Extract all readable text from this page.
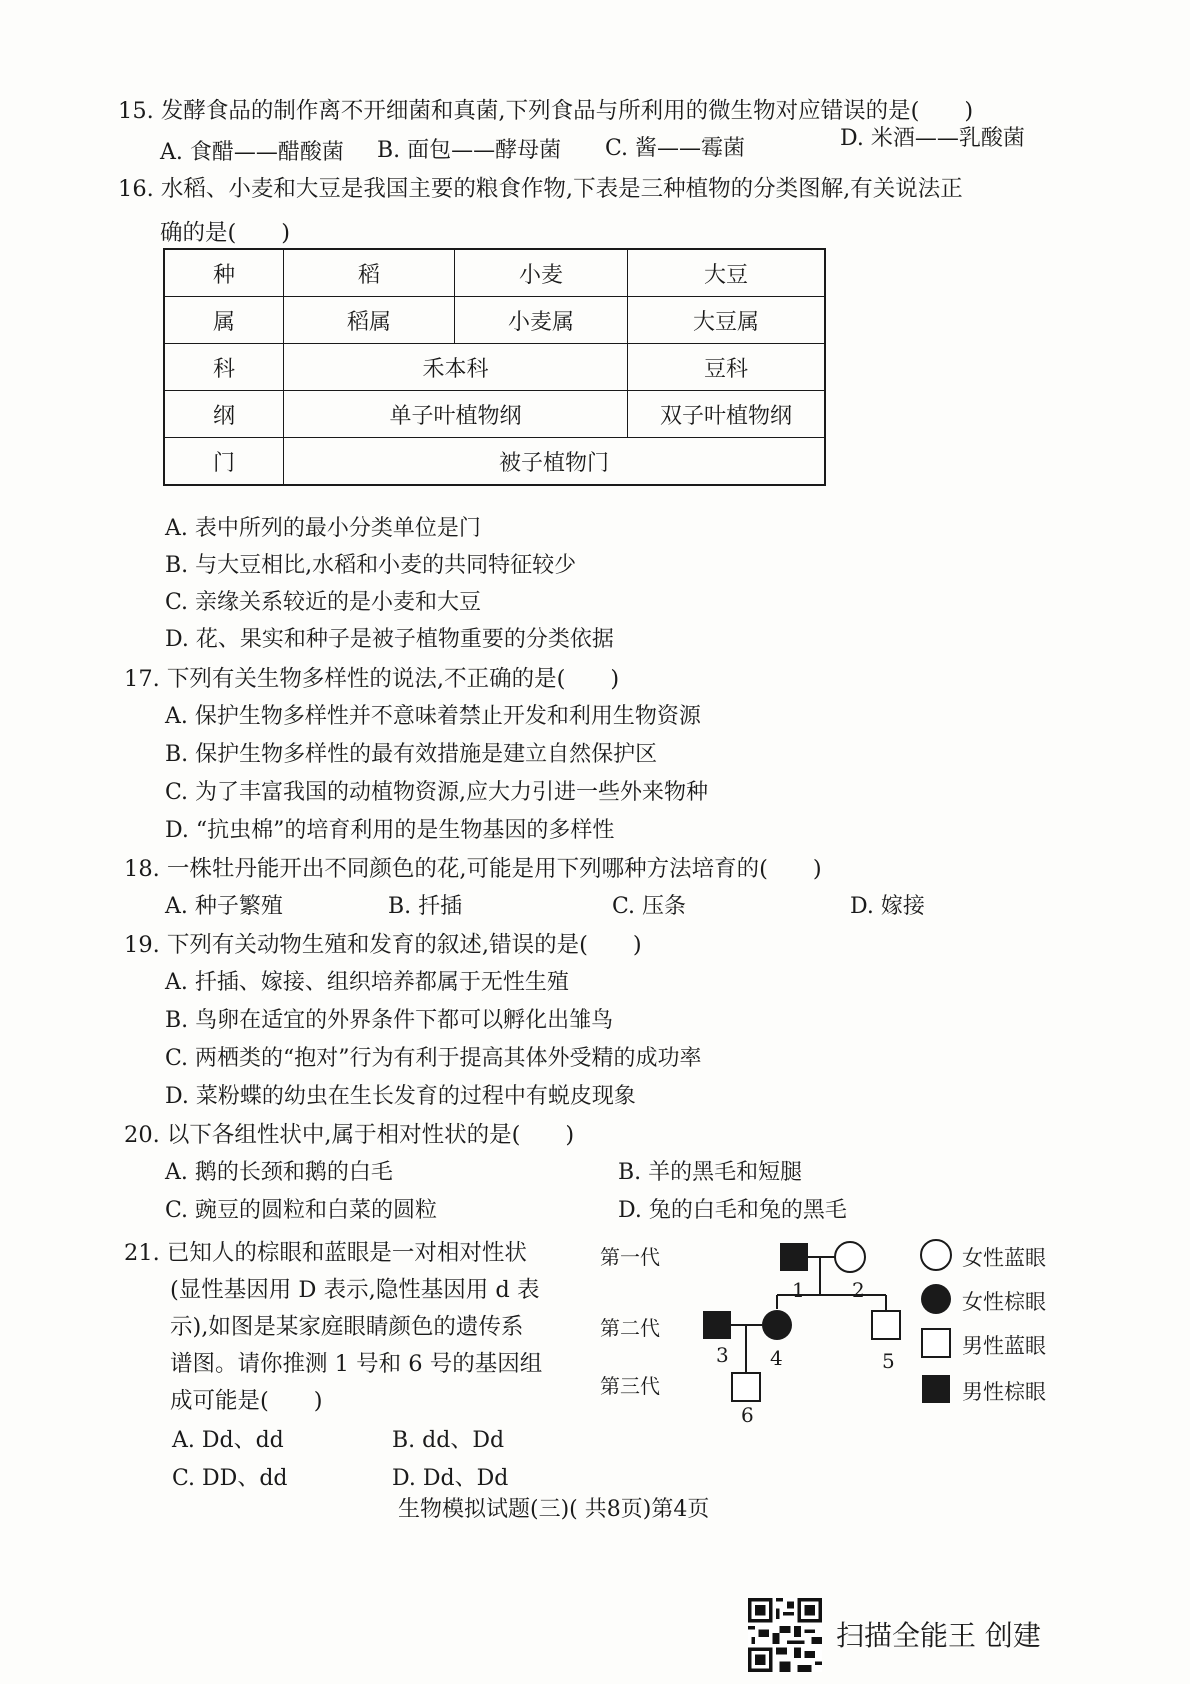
15. 发酵食品的制作离不开细菌和真菌,下列食品与所利用的微生物对应错误的是(　　)
A. 食醋——醋酸菌 B. 面包——酵母菌 C. 酱——霉菌	D. 米酒——乳酸菌
16. 水稻、小麦和大豆是我国主要的粮食作物,下表是三种植物的分类图解,有关说法正
确的是(　　)
种	稻	小麦	大豆
属	稻属	小麦属	大豆属
科	禾本科		豆科
纲	单子叶植物纲		双子叶植物纲
门	被子植物门		
A. 表中所列的最小分类单位是门
B. 与大豆相比,水稻和小麦的共同特征较少
C. 亲缘关系较近的是小麦和大豆
D. 花、果实和种子是被子植物重要的分类依据
17. 下列有关生物多样性的说法,不正确的是(　　)
A. 保护生物多样性并不意味着禁止开发和利用生物资源
B. 保护生物多样性的最有效措施是建立自然保护区
C. 为了丰富我国的动植物资源,应大力引进一些外来物种
D. “抗虫棉”的培育利用的是生物基因的多样性
18. 一株牡丹能开出不同颜色的花,可能是用下列哪种方法培育的(　　)
A. 种子繁殖	B. 扦插	C. 压条	D. 嫁接
19. 下列有关动物生殖和发育的叙述,错误的是(　　)
A. 扦插、嫁接、组织培养都属于无性生殖
B. 鸟卵在适宜的外界条件下都可以孵化出雏鸟
C. 两栖类的“抱对”行为有利于提高其体外受精的成功率
D. 菜粉蝶的幼虫在生长发育的过程中有蜕皮现象
20. 以下各组性状中,属于相对性状的是(　　)
A. 鹅的长颈和鹅的白毛	B. 羊的黑毛和短腿
C. 豌豆的圆粒和白菜的圆粒	D. 兔的白毛和兔的黑毛
21. 已知人的棕眼和蓝眼是一对相对性状
(显性基因用 D 表示,隐性基因用 d 表
示),如图是某家庭眼睛颜色的遗传系
谱图。请你推测 1 号和 6 号的基因组
成可能是(　　)
A. Dd、dd	B. dd、Dd
C. DD、dd	D. Dd、Dd
第一代
第二代
第三代
1 2
3 4	5
6
女性蓝眼
女性棕眼
男性蓝眼
男性棕眼
生物模拟试题(三)( 共8页)第4页
扫描全能王 创建
